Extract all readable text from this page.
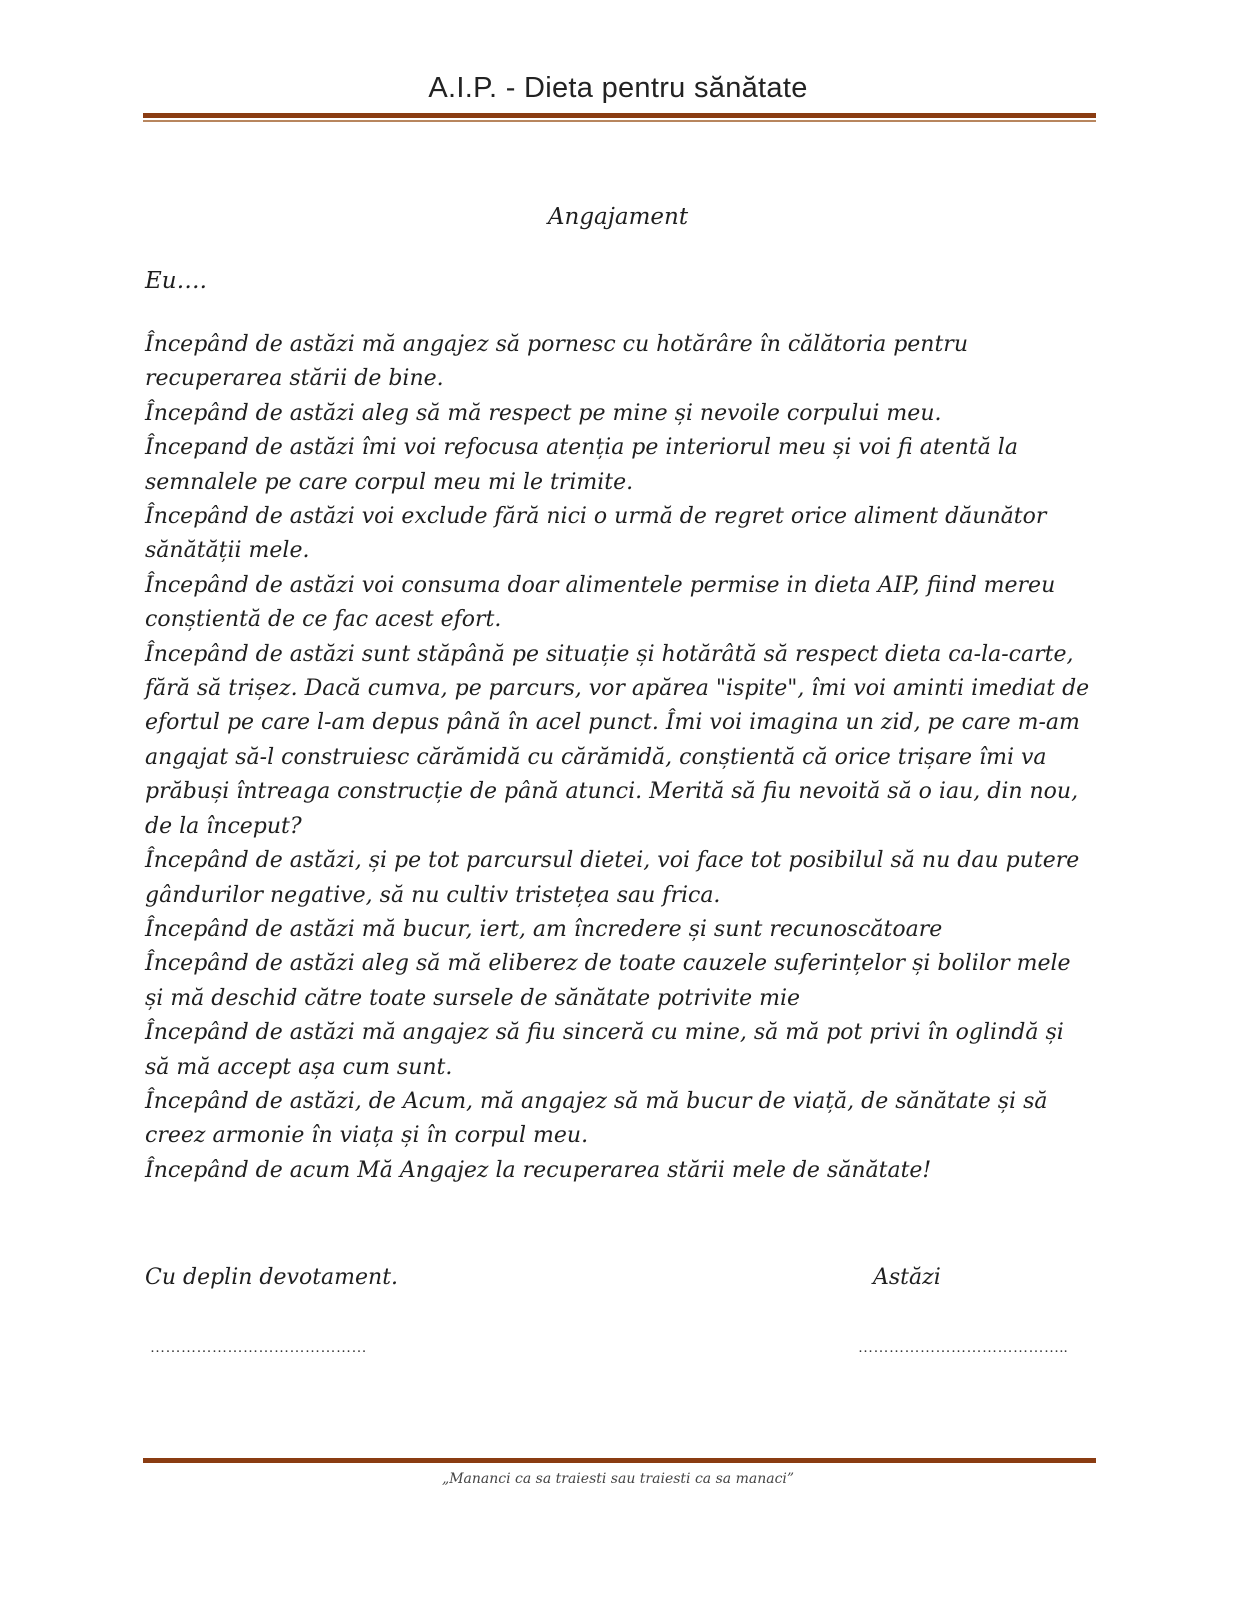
A.I.P. - Dieta pentru sănătate
Angajament
Eu….

Începând de astăzi mă angajez să pornesc cu hotărâre în călătoria pentru recuperarea stării de bine.

Începând de astăzi aleg să mă respect pe mine și nevoile corpului meu.

Începand de astăzi îmi voi refocusa atenția pe interiorul meu și voi fi atentă la semnalele pe care corpul meu mi le trimite.

Începând de astăzi voi exclude fără nici o urmă de regret orice aliment dăunător sănătății mele.

Începând de astăzi voi consuma doar alimentele permise in dieta AIP, fiind mereu conștientă de ce fac acest efort.

Începând de astăzi sunt stăpână pe situație și hotărâtă să respect dieta ca-la-carte, fără să trișez. Dacă cumva, pe parcurs, vor apărea "ispite", îmi voi aminti imediat de efortul pe care l-am depus până în acel punct. Îmi voi imagina un zid, pe care m-am angajat să-l construiesc cărămidă cu cărămidă, conștientă că orice trișare îmi va prăbuși întreaga construcție de până atunci. Merită să fiu nevoită să o iau, din nou, de la început?

Începând de astăzi, și pe tot parcursul dietei, voi face tot posibilul să nu dau putere gândurilor negative, să nu cultiv tristețea sau frica.

Începând de astăzi mă bucur, iert, am încredere și sunt recunoscătoare

Începând de astăzi aleg să mă eliberez de toate cauzele suferințelor și bolilor mele și mă deschid către toate sursele de sănătate potrivite mie

Începând de astăzi mă angajez să fiu sinceră cu mine, să mă pot privi în oglindă și să mă accept așa cum sunt.

Începând de astăzi, de Acum, mă angajez să mă bucur de viață, de sănătate și să creez armonie în viața și în corpul meu.

Începând de acum Mă Angajez la recuperarea stării mele de sănătate!

Cu deplin devotament.	Astăzi
……………………………………	…………………………………..
„Mananci ca sa traiesti sau traiesti ca sa manaci”
